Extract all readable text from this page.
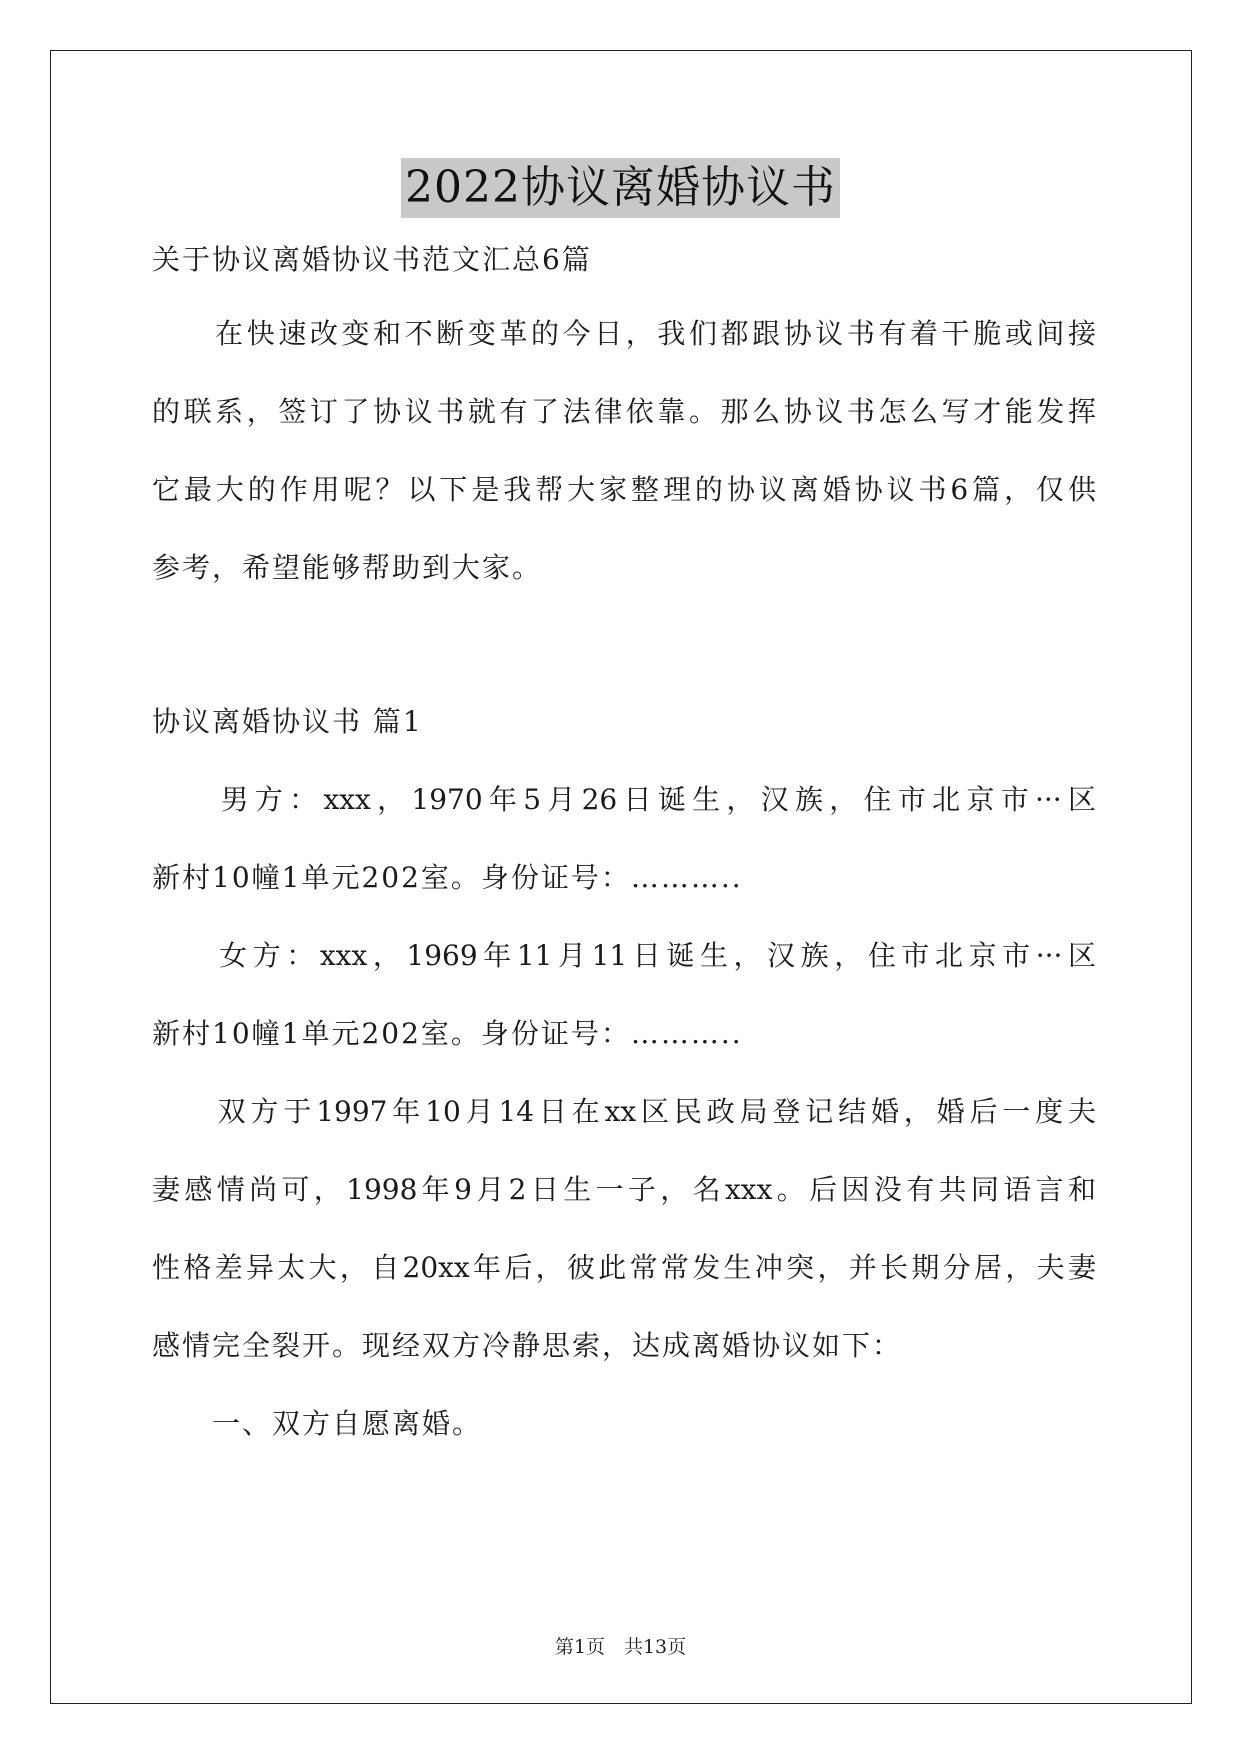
2022协议离婚协议书
关于协议离婚协议书范文汇总6篇
　　在快速改变和不断变革的今日，我们都跟协议书有着干脆或间接
的联系，签订了协议书就有了法律依靠。那么协议书怎么写才能发挥
它最大的作用呢？以下是我帮大家整理的协议离婚协议书6篇，仅供
参考，希望能够帮助到大家。
协议离婚协议书 篇1
　　男方：xxx，1970年5月26日诞生，汉族，住市北京市···区
新村10幢1单元202室。身份证号：………..
　　女方：xxx，1969年11月11日诞生，汉族，住市北京市···区
新村10幢1单元202室。身份证号：………..
　　双方于1997年10月14日在xx区民政局登记结婚，婚后一度夫
妻感情尚可，1998年9月2日生一子，名xxx。后因没有共同语言和
性格差异太大，自20xx年后，彼此常常发生冲突，并长期分居，夫妻
感情完全裂开。现经双方冷静思索，达成离婚协议如下：
　　一、双方自愿离婚。
第1页　共13页
